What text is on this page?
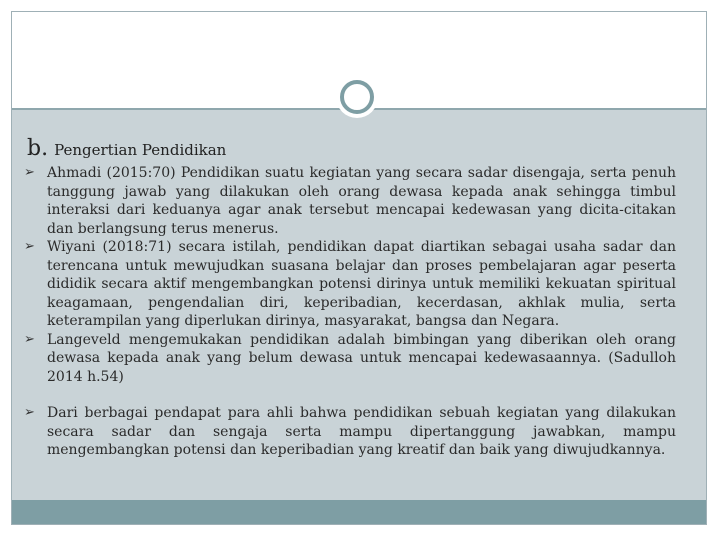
b. Pengertian Pendidikan

➢ Ahmadi (2015:70) Pendidikan suatu kegiatan yang secara sadar disengaja, serta penuh tanggung jawab yang dilakukan oleh orang dewasa kepada anak sehingga timbul interaksi dari keduanya agar anak tersebut mencapai kedewasan yang dicita-citakan dan berlangsung terus menerus.

➢ Wiyani (2018:71) secara istilah, pendidikan dapat diartikan sebagai usaha sadar dan terencana untuk mewujudkan suasana belajar dan proses pembelajaran agar peserta dididik secara aktif mengembangkan potensi dirinya untuk memiliki kekuatan spiritual keagamaan, pengendalian diri, keperibadian, kecerdasan, akhlak mulia, serta keterampilan yang diperlukan dirinya, masyarakat, bangsa dan Negara.

➢ Langeveld mengemukakan pendidikan adalah bimbingan yang diberikan oleh orang dewasa kepada anak yang belum dewasa untuk mencapai kedewasaannya. (Sadulloh 2014 h.54)

➢ Dari berbagai pendapat para ahli bahwa pendidikan sebuah kegiatan yang dilakukan secara sadar dan sengaja serta mampu dipertanggung jawabkan, mampu mengembangkan potensi dan keperibadian yang kreatif dan baik yang diwujudkannya.
